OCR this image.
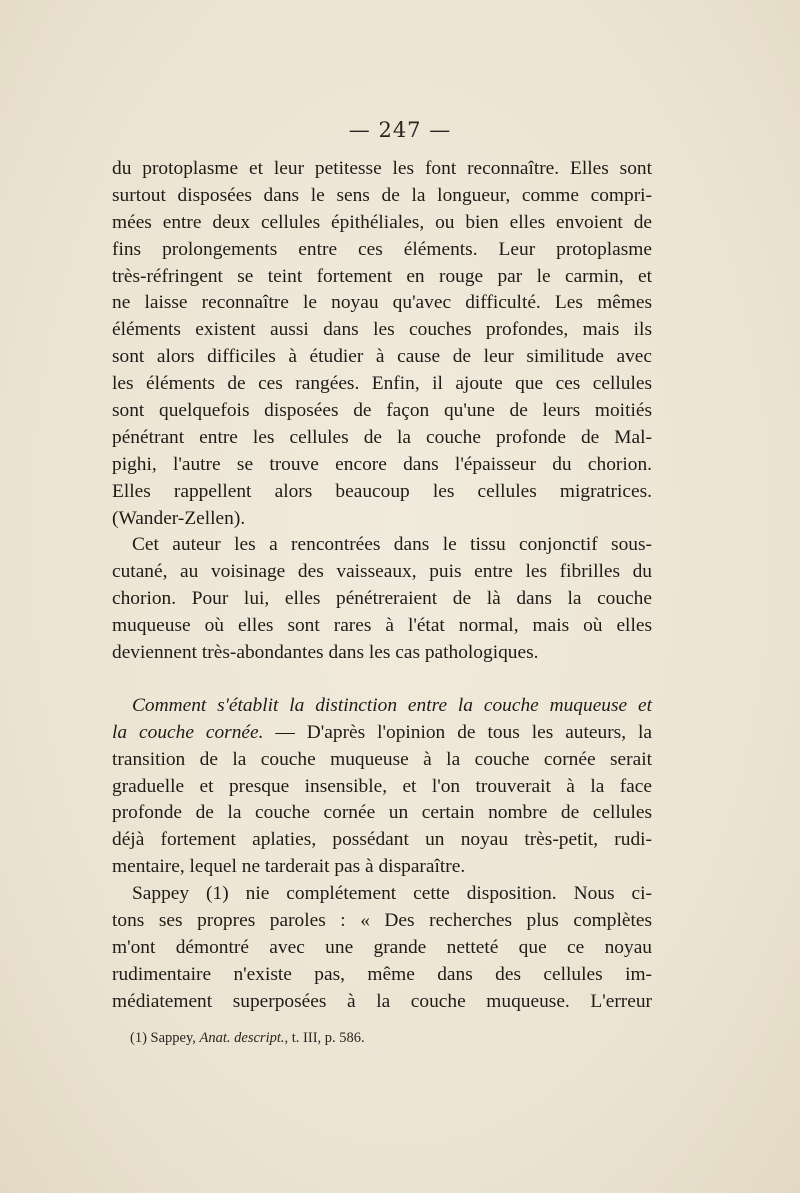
— 247 —
du protoplasme et leur petitesse les font reconnaître. Elles sont
surtout disposées dans le sens de la longueur, comme compri-
mées entre deux cellules épithéliales, ou bien elles envoient de
fins prolongements entre ces éléments. Leur protoplasme
très-réfringent se teint fortement en rouge par le carmin, et
ne laisse reconnaître le noyau qu'avec difficulté. Les mêmes
éléments existent aussi dans les couches profondes, mais ils
sont alors difficiles à étudier à cause de leur similitude avec
les éléments de ces rangées. Enfin, il ajoute que ces cellules
sont quelquefois disposées de façon qu'une de leurs moitiés
pénétrant entre les cellules de la couche profonde de Mal-
pighi, l'autre se trouve encore dans l'épaisseur du chorion.
Elles rappellent alors beaucoup les cellules migratrices.
(Wander-Zellen).
Cet auteur les a rencontrées dans le tissu conjonctif sous-
cutané, au voisinage des vaisseaux, puis entre les fibrilles du
chorion. Pour lui, elles pénétreraient de là dans la couche
muqueuse où elles sont rares à l'état normal, mais où elles
deviennent très-abondantes dans les cas pathologiques.
Comment s'établit la distinction entre la couche muqueuse et
la couche cornée. — D'après l'opinion de tous les auteurs, la
transition de la couche muqueuse à la couche cornée serait
graduelle et presque insensible, et l'on trouverait à la face
profonde de la couche cornée un certain nombre de cellules
déjà fortement aplaties, possédant un noyau très-petit, rudi-
mentaire, lequel ne tarderait pas à disparaître.
Sappey (1) nie complétement cette disposition. Nous ci-
tons ses propres paroles : « Des recherches plus complètes
m'ont démontré avec une grande netteté que ce noyau
rudimentaire n'existe pas, même dans des cellules im-
médiatement superposées à la couche muqueuse. L'erreur
(1) Sappey, Anat. descript., t. III, p. 586.
